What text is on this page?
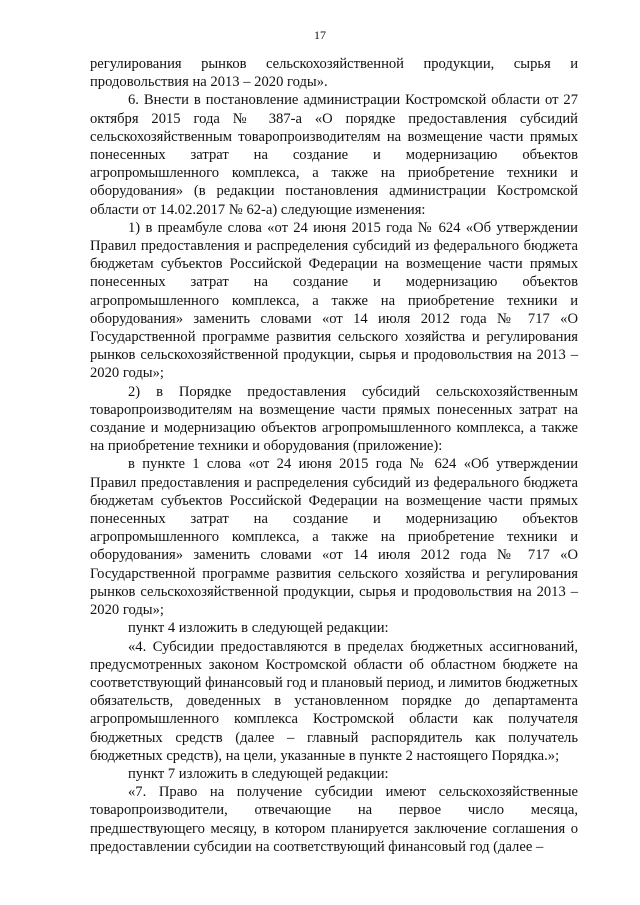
17

регулирования рынков сельскохозяйственной продукции, сырья и продовольствия на 2013 – 2020 годы».

6. Внести в постановление администрации Костромской области от 27 октября 2015 года № 387-а «О порядке предоставления субсидий сельскохозяйственным товаропроизводителям на возмещение части прямых понесенных затрат на создание и модернизацию объектов агропромышленного комплекса, а также на приобретение техники и оборудования» (в редакции постановления администрации Костромской области от 14.02.2017 № 62-а) следующие изменения:

1) в преамбуле слова «от 24 июня 2015 года № 624 «Об утверждении Правил предоставления и распределения субсидий из федерального бюджета бюджетам субъектов Российской Федерации на возмещение части прямых понесенных затрат на создание и модернизацию объектов агропромышленного комплекса, а также на приобретение техники и оборудования» заменить словами «от 14 июля 2012 года № 717 «О Государственной программе развития сельского хозяйства и регулирования рынков сельскохозяйственной продукции, сырья и продовольствия на 2013 – 2020 годы»;

2) в Порядке предоставления субсидий сельскохозяйственным товаропроизводителям на возмещение части прямых понесенных затрат на создание и модернизацию объектов агропромышленного комплекса, а также на приобретение техники и оборудования (приложение):

в пункте 1 слова «от 24 июня 2015 года № 624 «Об утверждении Правил предоставления и распределения субсидий из федерального бюджета бюджетам субъектов Российской Федерации на возмещение части прямых понесенных затрат на создание и модернизацию объектов агропромышленного комплекса, а также на приобретение техники и оборудования» заменить словами «от 14 июля 2012 года № 717 «О Государственной программе развития сельского хозяйства и регулирования рынков сельскохозяйственной продукции, сырья и продовольствия на 2013 – 2020 годы»;

пункт 4 изложить в следующей редакции:

«4. Субсидии предоставляются в пределах бюджетных ассигнований, предусмотренных законом Костромской области об областном бюджете на соответствующий финансовый год и плановый период, и лимитов бюджетных обязательств, доведенных в установленном порядке до департамента агропромышленного комплекса Костромской области как получателя бюджетных средств (далее – главный распорядитель как получатель бюджетных средств), на цели, указанные в пункте 2 настоящего Порядка.»;

пункт 7 изложить в следующей редакции:

«7. Право на получение субсидии имеют сельскохозяйственные товаропроизводители, отвечающие на первое число месяца, предшествующего месяцу, в котором планируется заключение соглашения о предоставлении субсидии на соответствующий финансовый год (далее –
